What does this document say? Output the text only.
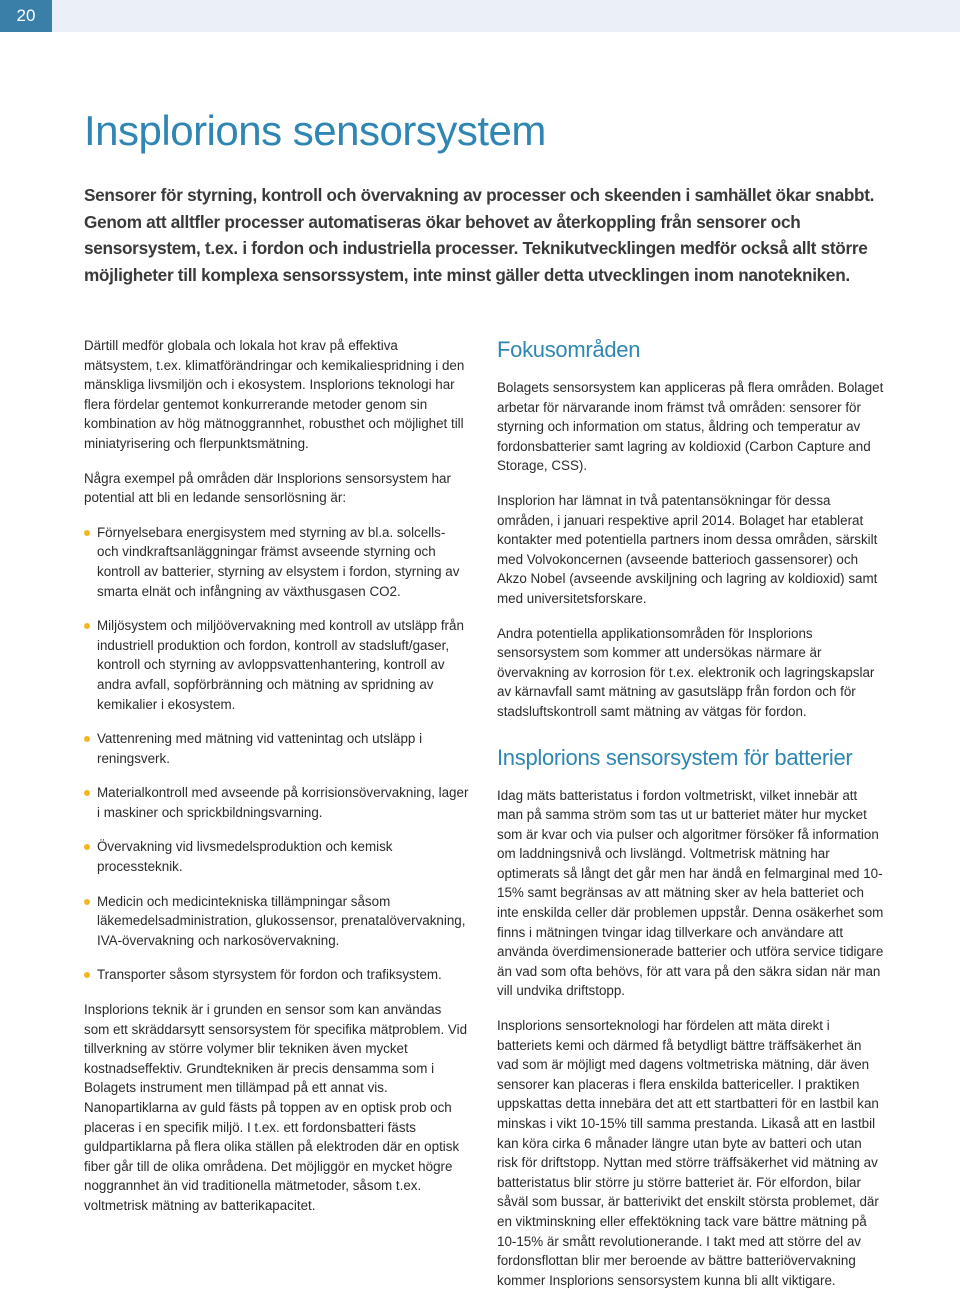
20
Insplorions sensorsystem

Sensorer för styrning, kontroll och övervakning av processer och skeenden i samhället ökar snabbt. Genom att alltfler processer automatiseras ökar behovet av återkoppling från sensorer och sensorsystem, t.ex. i fordon och industriella processer. Teknikutvecklingen medför också allt större möjligheter till komplexa sensorssystem, inte minst gäller detta utvecklingen inom nanotekniken.

Därtill medför globala och lokala hot krav på effektiva mätsystem, t.ex. klimatförändringar och kemikaliespridning i den mänskliga livsmiljön och i ekosystem. Insplorions teknologi har flera fördelar gentemot konkurrerande metoder genom sin kombination av hög mätnoggrannhet, robusthet och möjlighet till miniatyrisering och flerpunktsmätning.

Några exempel på områden där Insplorions sensorsystem har potential att bli en ledande sensorlösning är:

Förnyelsebara energisystem med styrning av bl.a. solcells- och vindkraftsanläggningar främst avseende styrning och kontroll av batterier, styrning av elsystem i fordon, styrning av smarta elnät och infångning av växthusgasen CO2.
Miljösystem och miljöövervakning med kontroll av utsläpp från industriell produktion och fordon, kontroll av stadsluft/gaser, kontroll och styrning av avloppsvattenhantering, kontroll av andra avfall, sopförbränning och mätning av spridning av kemikalier i ekosystem.
Vattenrening med mätning vid vattenintag och utsläpp i reningsverk.
Materialkontroll med avseende på korrisionsövervakning, lager i maskiner och sprickbildningsvarning.
Övervakning vid livsmedelsproduktion och kemisk processteknik.
Medicin och medicintekniska tillämpningar såsom läkemedelsadministration, glukossensor, prenatalövervakning, IVA-övervakning och narkosövervakning.
Transporter såsom styrsystem för fordon och trafiksystem.

Insplorions teknik är i grunden en sensor som kan användas som ett skräddarsytt sensorsystem för specifika mätproblem. Vid tillverkning av större volymer blir tekniken även mycket kostnadseffektiv. Grundtekniken är precis densamma som i Bolagets instrument men tillämpad på ett annat vis. Nanopartiklarna av guld fästs på toppen av en optisk prob och placeras i en specifik miljö. I t.ex. ett fordonsbatteri fästs guldpartiklarna på flera olika ställen på elektroden där en optisk fiber går till de olika områdena. Det möjliggör en mycket högre noggrannhet än vid traditionella mätmetoder, såsom t.ex. voltmetrisk mätning av batterikapacitet.

Fokusområden

Bolagets sensorsystem kan appliceras på flera områden. Bolaget arbetar för närvarande inom främst två områden: sensorer för styrning och information om status, åldring och temperatur av fordonsbatterier samt lagring av koldioxid (Carbon Capture and Storage, CSS).

Insplorion har lämnat in två patentansökningar för dessa områden, i januari respektive april 2014. Bolaget har etablerat kontakter med potentiella partners inom dessa områden, särskilt med Volvokoncernen (avseende batterioch gassensorer) och Akzo Nobel (avseende avskiljning och lagring av koldioxid) samt med universitetsforskare.

Andra potentiella applikationsområden för Insplorions sensorsystem som kommer att undersökas närmare är övervakning av korrosion för t.ex. elektronik och lagringskapslar av kärnavfall samt mätning av gasutsläpp från fordon och för stadsluftskontroll samt mätning av vätgas för fordon.

Insplorions sensorsystem för batterier

Idag mäts batteristatus i fordon voltmetriskt, vilket innebär att man på samma ström som tas ut ur batteriet mäter hur mycket som är kvar och via pulser och algoritmer försöker få information om laddningsnivå och livslängd. Voltmetrisk mätning har optimerats så långt det går men har ändå en felmarginal med 10-15% samt begränsas av att mätning sker av hela batteriet och inte enskilda celler där problemen uppstår. Denna osäkerhet som finns i mätningen tvingar idag tillverkare och användare att använda överdimensionerade batterier och utföra service tidigare än vad som ofta behövs, för att vara på den säkra sidan när man vill undvika driftstopp.

Insplorions sensorteknologi har fördelen att mäta direkt i batteriets kemi och därmed få betydligt bättre träffsäkerhet än vad som är möjligt med dagens voltmetriska mätning, där även sensorer kan placeras i flera enskilda battericeller. I praktiken uppskattas detta innebära det att ett startbatteri för en lastbil kan minskas i vikt 10-15% till samma prestanda. Likaså att en lastbil kan köra cirka 6 månader längre utan byte av batteri och utan risk för driftstopp. Nyttan med större träffsäkerhet vid mätning av batteristatus blir större ju större batteriet är. För elfordon, bilar såväl som bussar, är batterivikt det enskilt största problemet, där en viktminskning eller effektökning tack vare bättre mätning på 10-15% är smått revolutionerande. I takt med att större del av fordonsflottan blir mer beroende av bättre batteriövervakning kommer Insplorions sensorsystem kunna bli allt viktigare.
